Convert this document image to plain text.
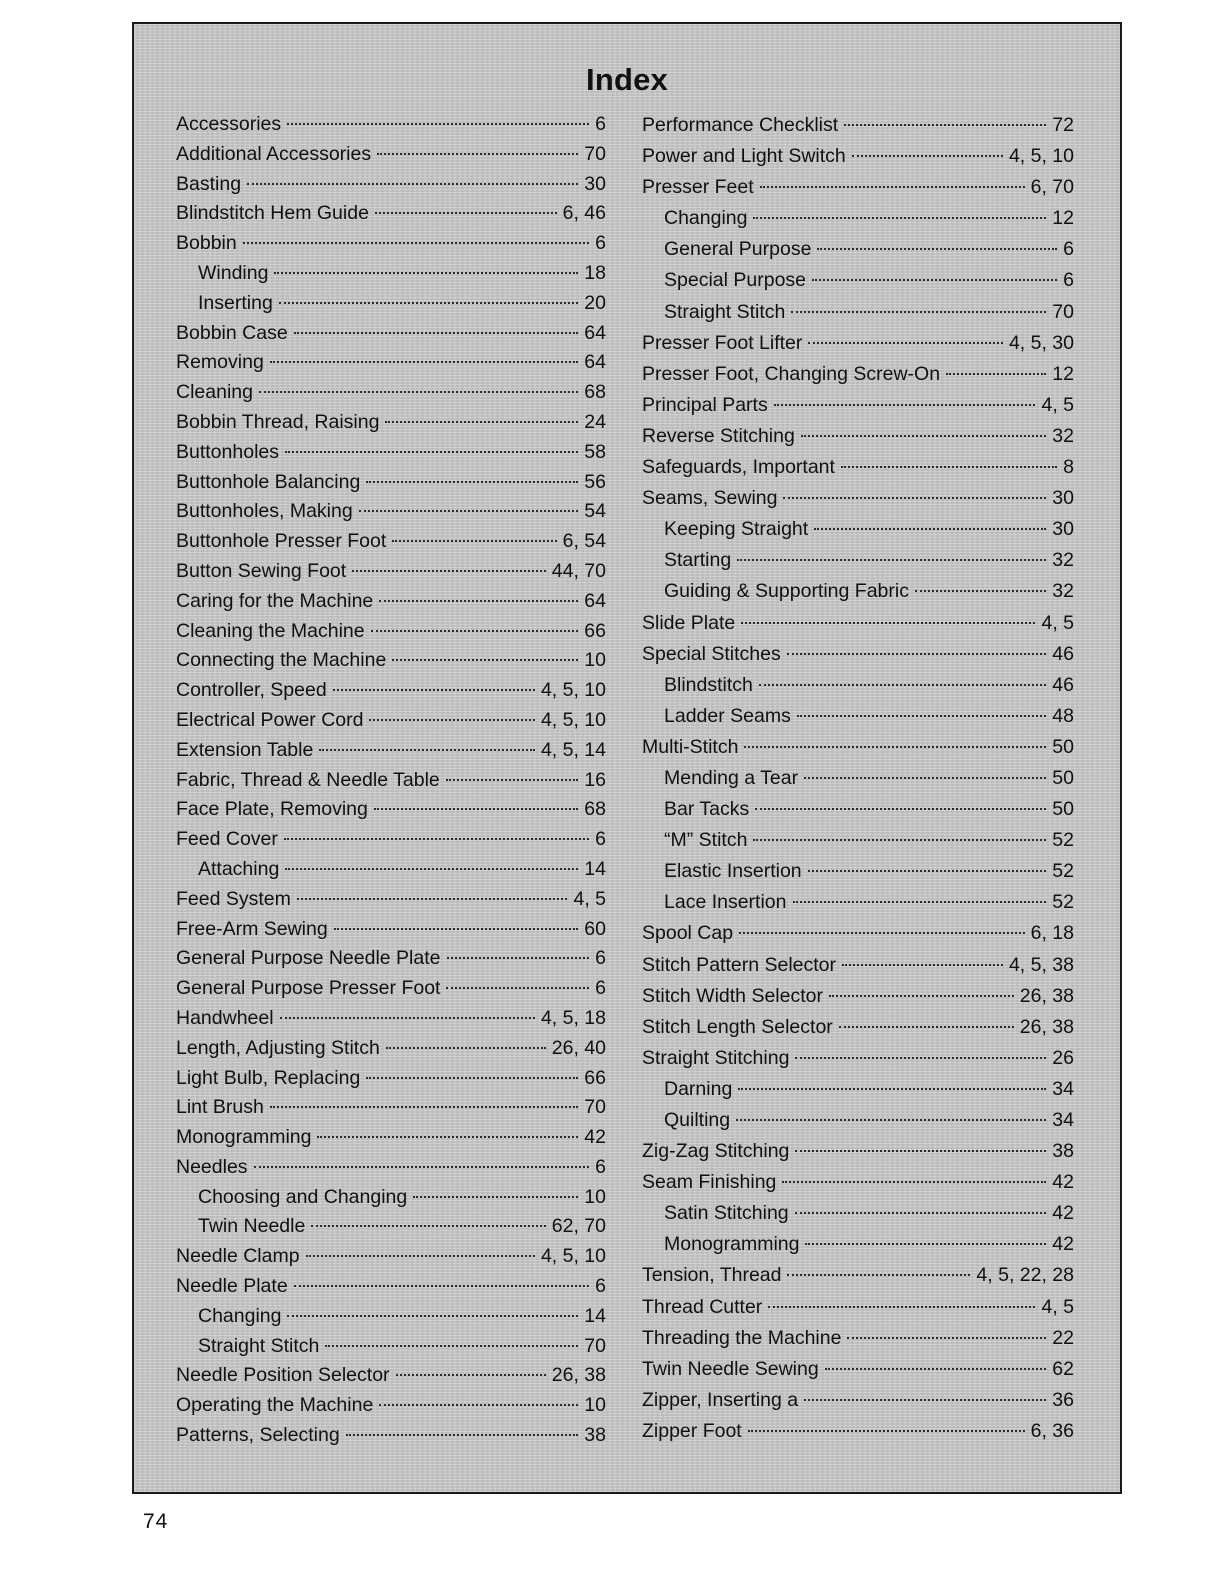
Index
Accessories	6
Additional Accessories	70
Basting	30
Blindstitch Hem Guide	6, 46
Bobbin	6
Winding	18
Inserting	20
Bobbin Case	64
Removing	64
Cleaning	68
Bobbin Thread, Raising	24
Buttonholes	58
Buttonhole Balancing	56
Buttonholes, Making	54
Buttonhole Presser Foot	6, 54
Button Sewing Foot	44, 70
Caring for the Machine	64
Cleaning the Machine	66
Connecting the Machine	10
Controller, Speed	4, 5, 10
Electrical Power Cord	4, 5, 10
Extension Table	4, 5, 14
Fabric, Thread & Needle Table	16
Face Plate, Removing	68
Feed Cover	6
Attaching	14
Feed System	4, 5
Free-Arm Sewing	60
General Purpose Needle Plate	6
General Purpose Presser Foot	6
Handwheel	4, 5, 18
Length, Adjusting Stitch	26, 40
Light Bulb, Replacing	66
Lint Brush	70
Monogramming	42
Needles	6
Choosing and Changing	10
Twin Needle	62, 70
Needle Clamp	4, 5, 10
Needle Plate	6
Changing	14
Straight Stitch	70
Needle Position Selector	26, 38
Operating the Machine	10
Patterns, Selecting	38
Performance Checklist	72
Power and Light Switch	4, 5, 10
Presser Feet	6, 70
Changing	12
General Purpose	6
Special Purpose	6
Straight Stitch	70
Presser Foot Lifter	4, 5, 30
Presser Foot, Changing Screw-On	12
Principal Parts	4, 5
Reverse Stitching	32
Safeguards, Important	8
Seams, Sewing	30
Keeping Straight	30
Starting	32
Guiding & Supporting Fabric	32
Slide Plate	4, 5
Special Stitches	46
Blindstitch	46
Ladder Seams	48
Multi-Stitch	50
Mending a Tear	50
Bar Tacks	50
“M” Stitch	52
Elastic Insertion	52
Lace Insertion	52
Spool Cap	6, 18
Stitch Pattern Selector	4, 5, 38
Stitch Width Selector	26, 38
Stitch Length Selector	26, 38
Straight Stitching	26
Darning	34
Quilting	34
Zig-Zag Stitching	38
Seam Finishing	42
Satin Stitching	42
Monogramming	42
Tension, Thread	4, 5, 22, 28
Thread Cutter	4, 5
Threading the Machine	22
Twin Needle Sewing	62
Zipper, Inserting a	36
Zipper Foot	6, 36
74
